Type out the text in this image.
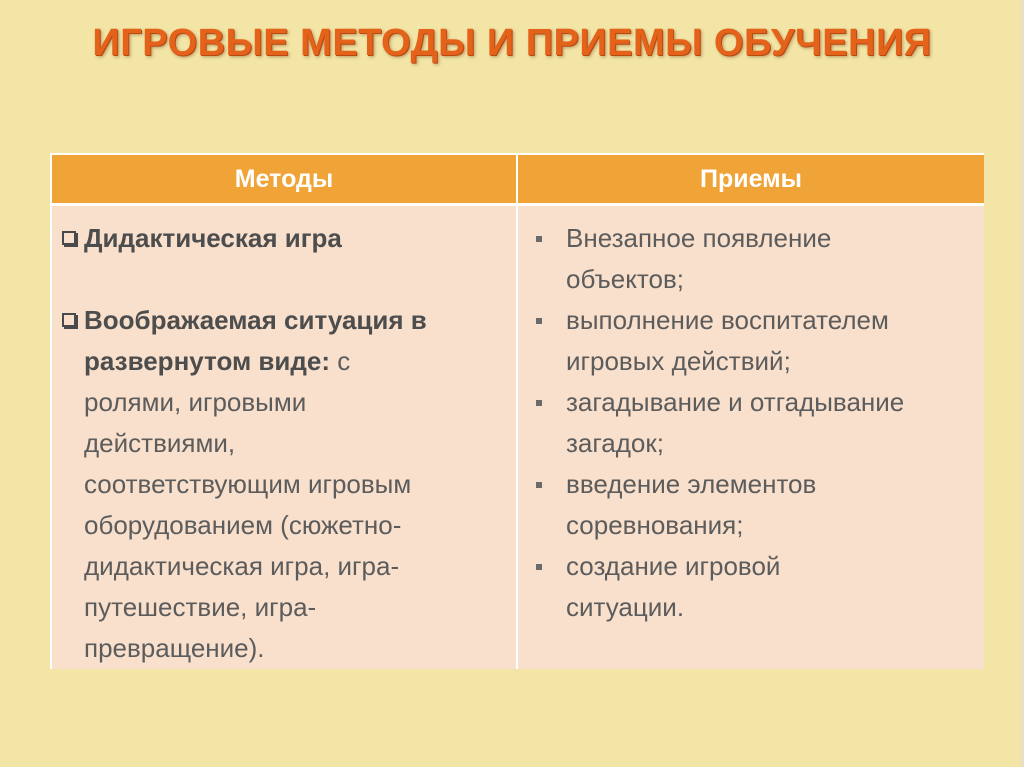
ИГРОВЫЕ МЕТОДЫ И ПРИЕМЫ ОБУЧЕНИЯ
Методы	Приемы
Дидактическая игра
Воображаемая ситуация в
развернутом виде: с
ролями, игровыми
действиями,
соответствующим игровым
оборудованием (сюжетно-
дидактическая игра, игра-
путешествие, игра-
превращение).
Внезапное появление
объектов;
выполнение воспитателем
игровых действий;
загадывание и отгадывание
загадок;
введение элементов
соревнования;
создание игровой
ситуации.
